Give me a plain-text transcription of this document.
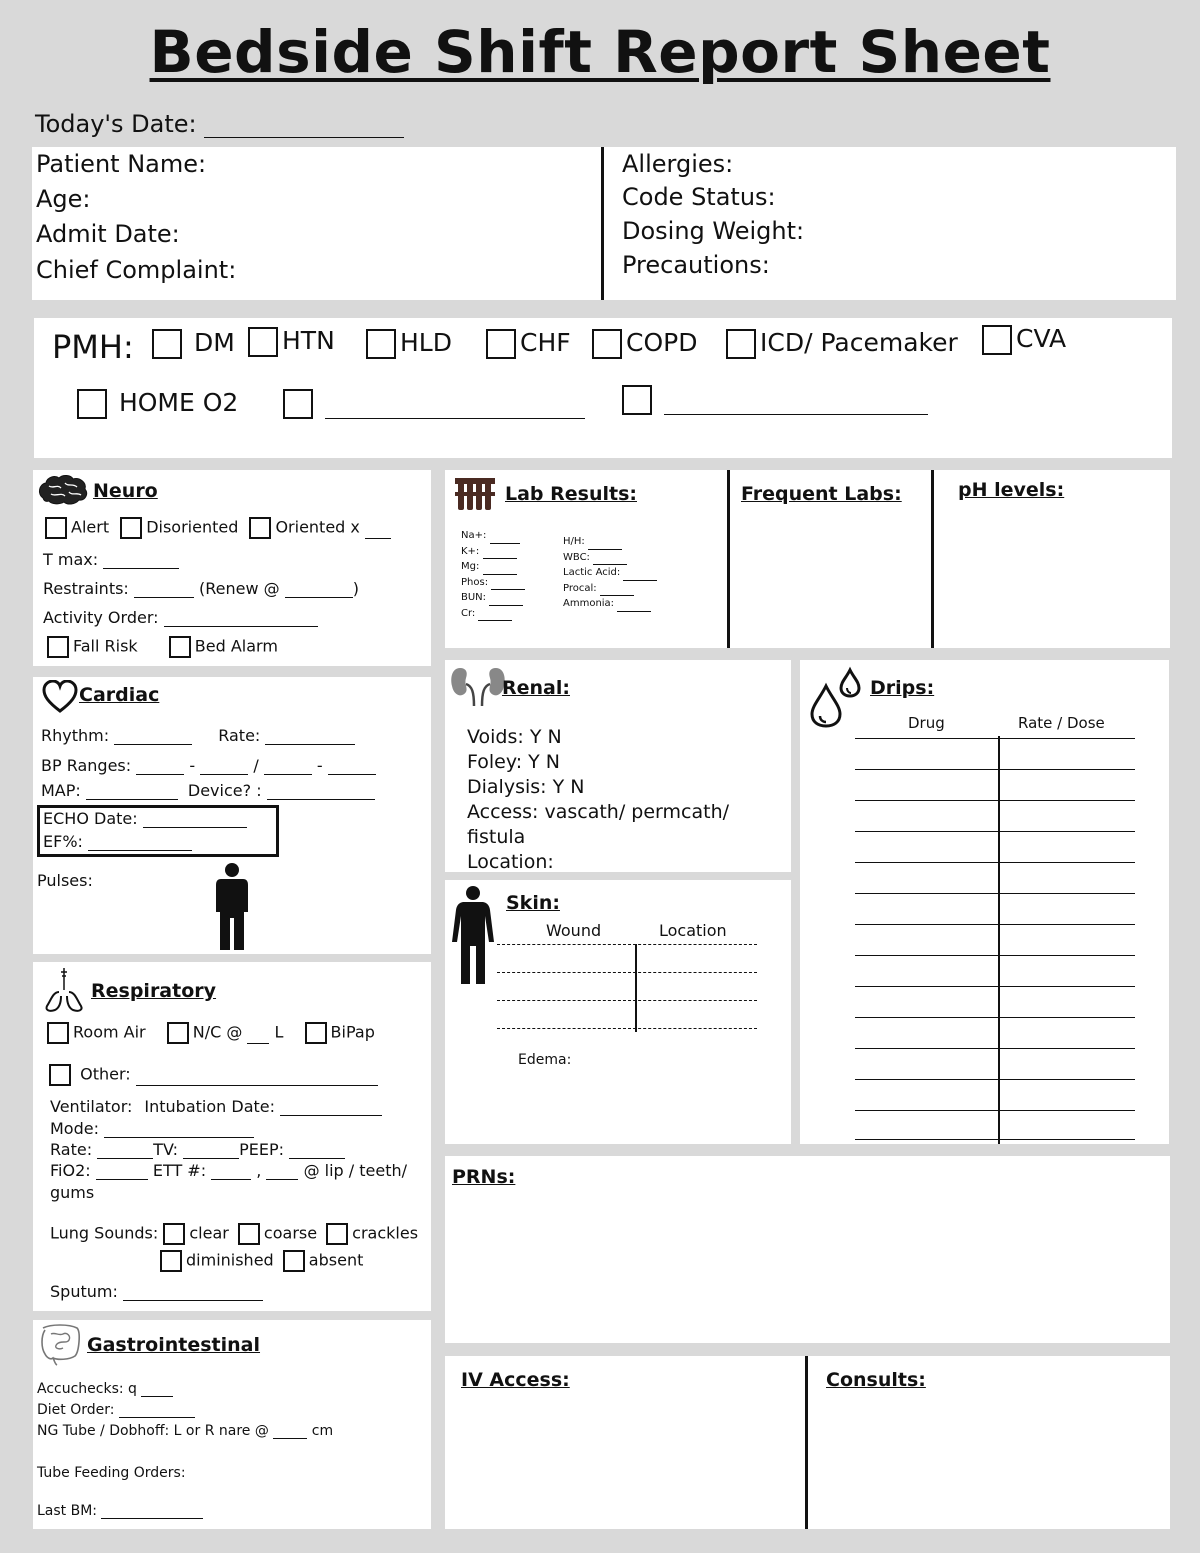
Bedside Shift Report Sheet
Today's Date:
Patient Name:
Age:
Admit Date:
Chief Complaint:
Allergies:
Code Status:
Dosing Weight:
Precautions:
PMH:	DM	HTN	HLD	CHF	COPD	ICD/ Pacemaker	CVA
HOME O2

Neuro
Alert Disoriented Oriented x
T max:
Restraints:	(Renew @	)
Activity Order:
Fall Risk	Bed Alarm
Lab Results:
Na+:
K+:
Mg:
Phos:
BUN:
Cr:
H/H:
WBC:
Lactic Acid:
Procal:
Ammonia:
Frequent Labs:	pH levels:
Cardiac
Rhythm:	Rate:
BP Ranges:	-	/	-
MAP:	Device? :
ECHO Date:
EF%:
Pulses:
Renal:
Voids: Y N
Foley: Y N
Dialysis: Y N
Access: vascath/ permcath/ fistula
Location:
Drips:
Drug	Rate / Dose
Skin:
Wound	Location
Edema:
Respiratory
Room Air	N/C @ L	BiPap
Other:
Ventilator: Intubation Date:
Mode:
Rate:	TV:	PEEP:
FiO2:	ETT #:	,	@ lip / teeth/
gums
Lung Sounds: clear coarse crackles
diminished absent
Sputum:
PRNs:
Gastrointestinal
Accuchecks: q
Diet Order:
NG Tube / Dobhoff: L or R nare @	cm
Tube Feeding Orders:
Last BM:
IV Access:	Consults:
